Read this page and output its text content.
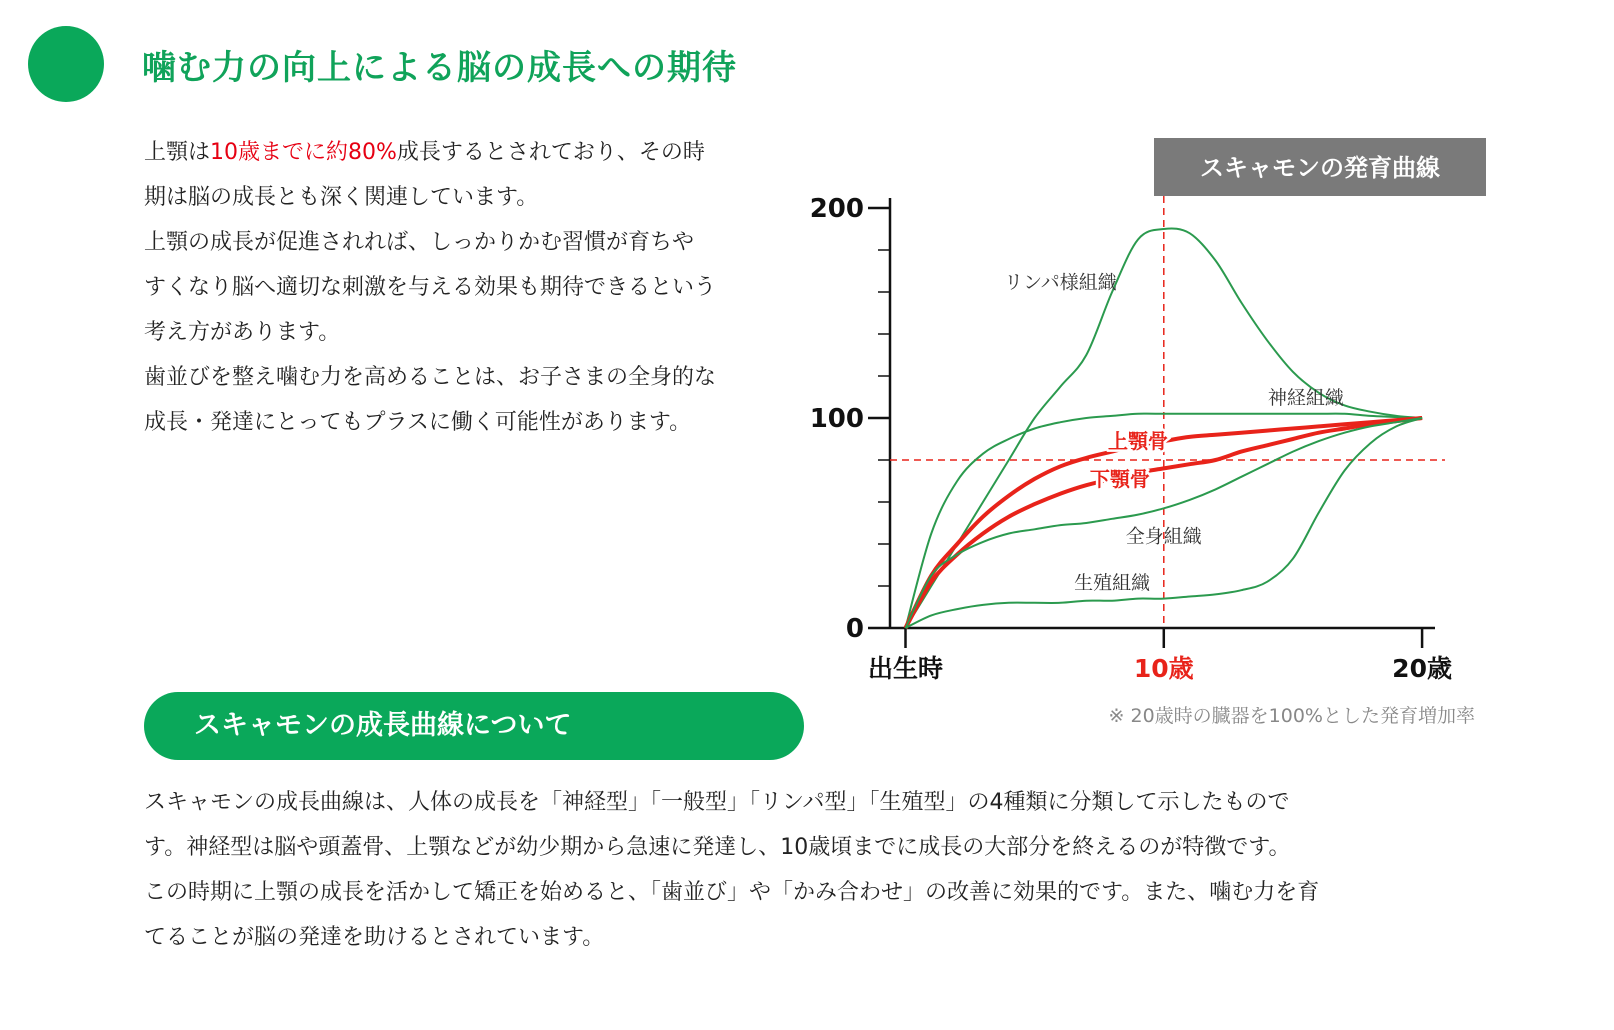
噛む力の向上による脳の成長への期待

上顎は10歳までに約80%成長するとされており、その時

期は脳の成長とも深く関連しています。

上顎の成長が促進されれば、しっかりかむ習慣が育ちや

すくなり脳へ適切な刺激を与える効果も期待できるという

考え方があります。

歯並びを整え噛む力を高めることは、お子さまの全身的な

成長・発達にとってもプラスに働く可能性があります。

スキャモンの発育曲線
0
100
200
出生時	10歳	20歳
リンパ様組織
神経組織
上顎骨
下顎骨
全身組織
生殖組織
※ 20歳時の臓器を100%とした発育増加率
スキャモンの成長曲線について
スキャモンの成長曲線は、人体の成長を「神経型」「一般型」「リンパ型」「生殖型」の4種類に分類して示したもので
す。神経型は脳や頭蓋骨、上顎などが幼少期から急速に発達し、10歳頃までに成長の大部分を終えるのが特徴です。
この時期に上顎の成長を活かして矯正を始めると、「歯並び」や「かみ合わせ」の改善に効果的です。また、噛む力を育
てることが脳の発達を助けるとされています。
